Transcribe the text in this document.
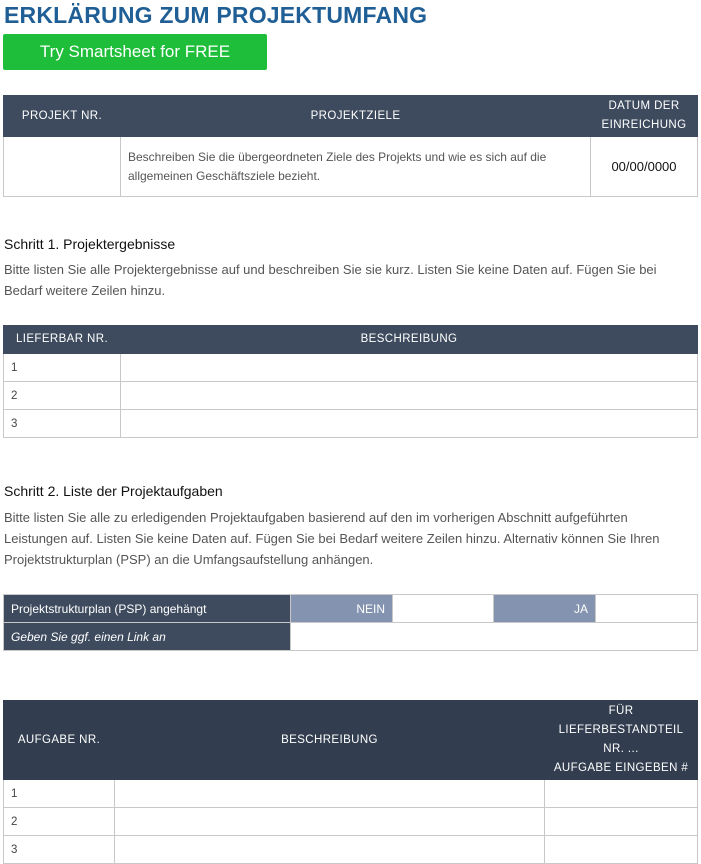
ERKLÄRUNG ZUM PROJEKTUMFANG
Try Smartsheet for FREE
PROJEKT NR.	PROJEKTZIELE	DATUM DER
EINREICHUNG

	Beschreiben Sie die übergeordneten Ziele des Projekts und wie es sich auf die allgemeinen Geschäftsziele bezieht.	00/00/0000
Schritt 1. Projektergebnisse
Bitte listen Sie alle Projektergebnisse auf und beschreiben Sie sie kurz. Listen Sie keine Daten auf. Fügen Sie bei Bedarf weitere Zeilen hinzu.
LIEFERBAR NR.	BESCHREIBUNG
1	
2	
3	
Schritt 2. Liste der Projektaufgaben
Bitte listen Sie alle zu erledigenden Projektaufgaben basierend auf den im vorherigen Abschnitt aufgeführten Leistungen auf. Listen Sie keine Daten auf. Fügen Sie bei Bedarf weitere Zeilen hinzu. Alternativ können Sie Ihren Projektstrukturplan (PSP) an die Umfangsaufstellung anhängen.
Projektstrukturplan (PSP) angehängt	NEIN		JA	
Geben Sie ggf. einen Link an				
AUFGABE NR.	BESCHREIBUNG	FÜR
LIEFERBESTANDTEIL
NR. ...
AUFGABE EINGEBEN #

1		
2		
3		
